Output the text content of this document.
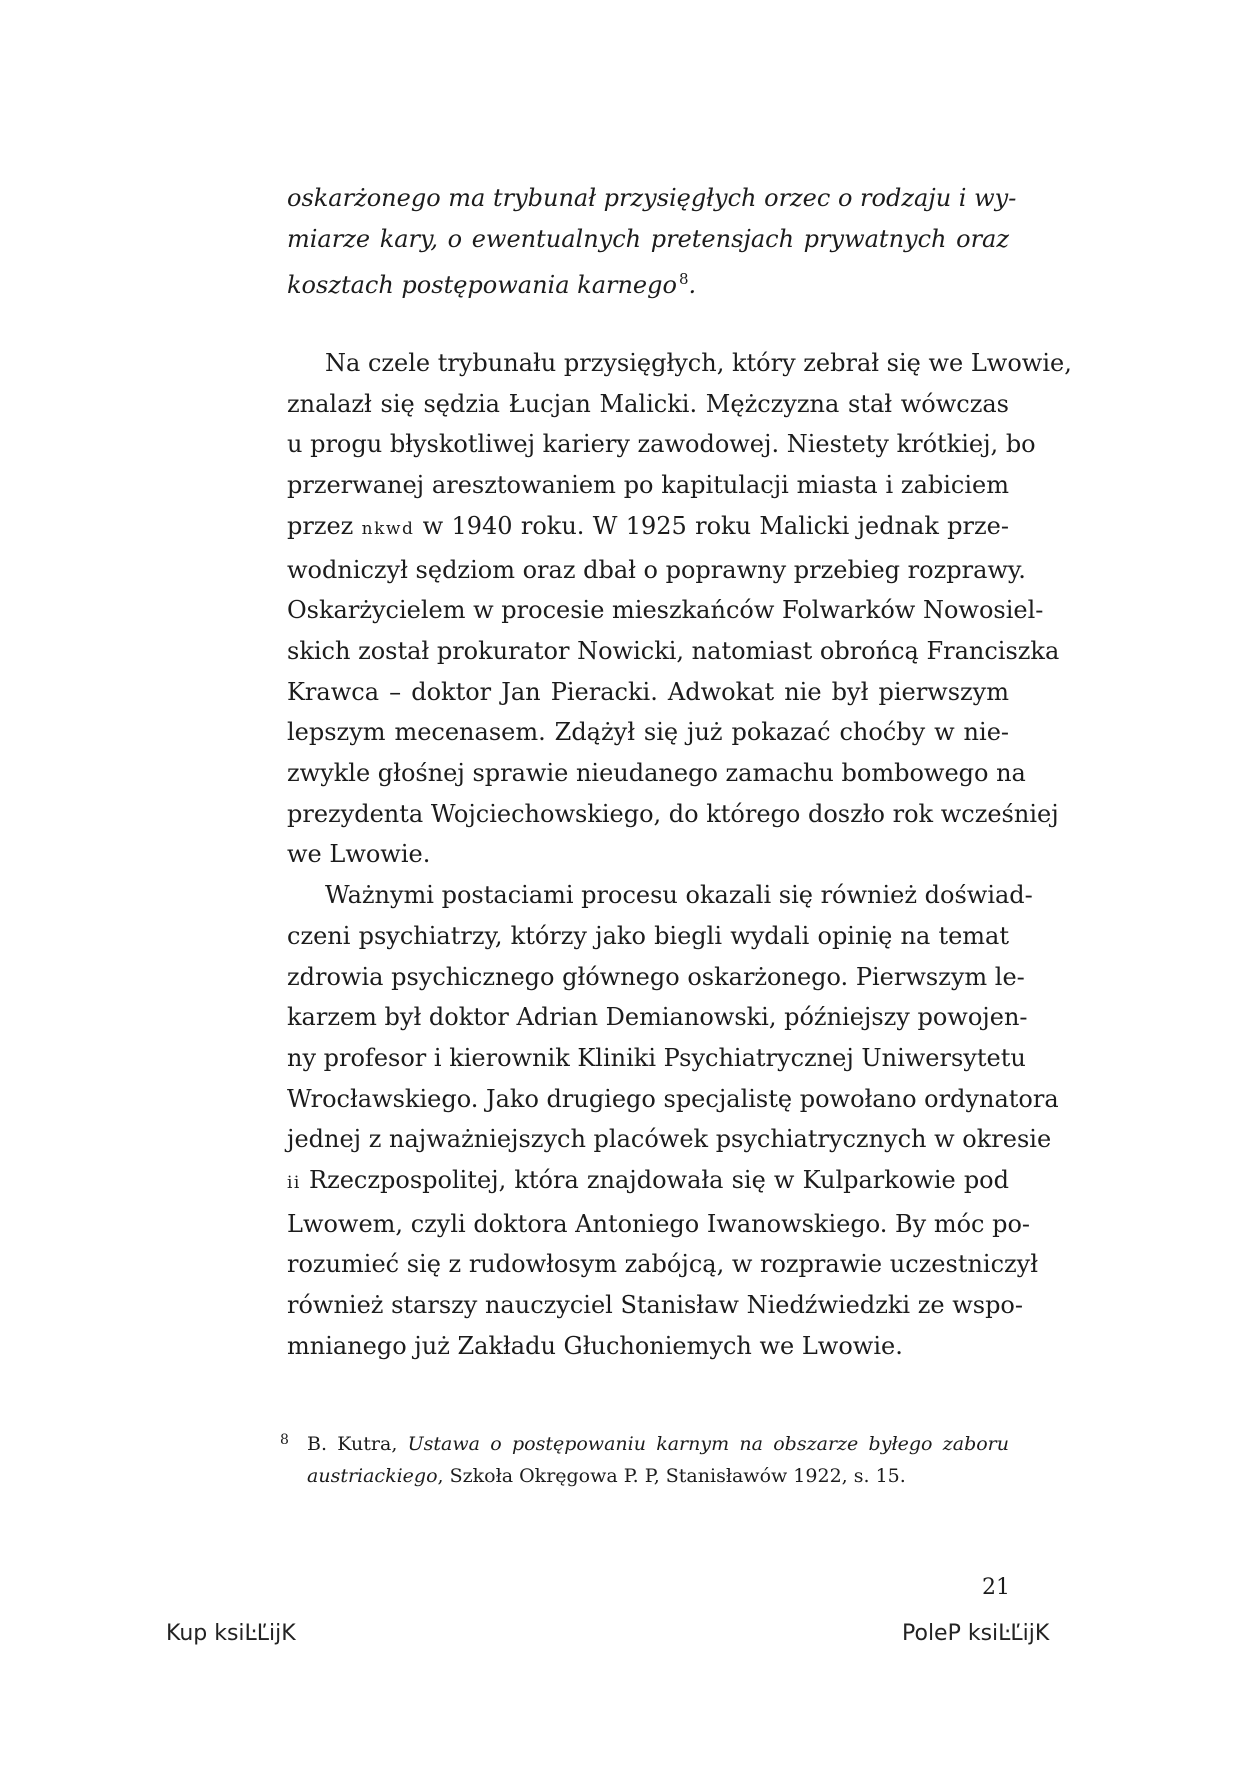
oskarżonego ma trybunał przysięgłych orzec o rodzaju i wy-
miarze kary, o ewentualnych pretensjach prywatnych oraz
kosztach postępowania karnego $^8$.
Na czele trybunału przysięgłych, który zebrał się we Lwowie,
znalazł się sędzia Łucjan Malicki. Mężczyzna stał wówczas
u progu błyskotliwej kariery zawodowej. Niestety krótkiej, bo
przerwanej aresztowaniem po kapitulacji miasta i zabiciem
przez nkwd w 1940 roku. W 1925 roku Malicki jednak prze-
wodniczył sędziom oraz dbał o poprawny przebieg rozprawy.
Oskarżycielem w procesie mieszkańców Folwarków Nowosiel-
skich został prokurator Nowicki, natomiast obrońcą Franciszka
Krawca – doktor Jan Pieracki. Adwokat nie był pierwszym
lepszym mecenasem. Zdążył się już pokazać choćby w nie-
zwykle głośnej sprawie nieudanego zamachu bombowego na
prezydenta Wojciechowskiego, do którego doszło rok wcześniej
we Lwowie.
Ważnymi postaciami procesu okazali się również doświad-
czeni psychiatrzy, którzy jako biegli wydali opinię na temat
zdrowia psychicznego głównego oskarżonego. Pierwszym le-
karzem był doktor Adrian Demianowski, późniejszy powojen-
ny profesor i kierownik Kliniki Psychiatrycznej Uniwersytetu
Wrocławskiego. Jako drugiego specjalistę powołano ordynatora
jednej z najważniejszych placówek psychiatrycznych w okresie
ii Rzeczpospolitej, która znajdowała się w Kulparkowie pod
Lwowem, czyli doktora Antoniego Iwanowskiego. By móc po-
rozumieć się z rudowłosym zabójcą, w rozprawie uczestniczył
również starszy nauczyciel Stanisław Niedźwiedzki ze wspo-
mnianego już Zakładu Głuchoniemych we Lwowie.
8 B. Kutra, Ustawa o postępowaniu karnym na obszarze byłego zaboru
austriackiego, Szkoła Okręgowa P. P, Stanisławów 1922, s. 15.
21
Kup ksiĿĽĳK	PoleP ksiĿĽĳK
